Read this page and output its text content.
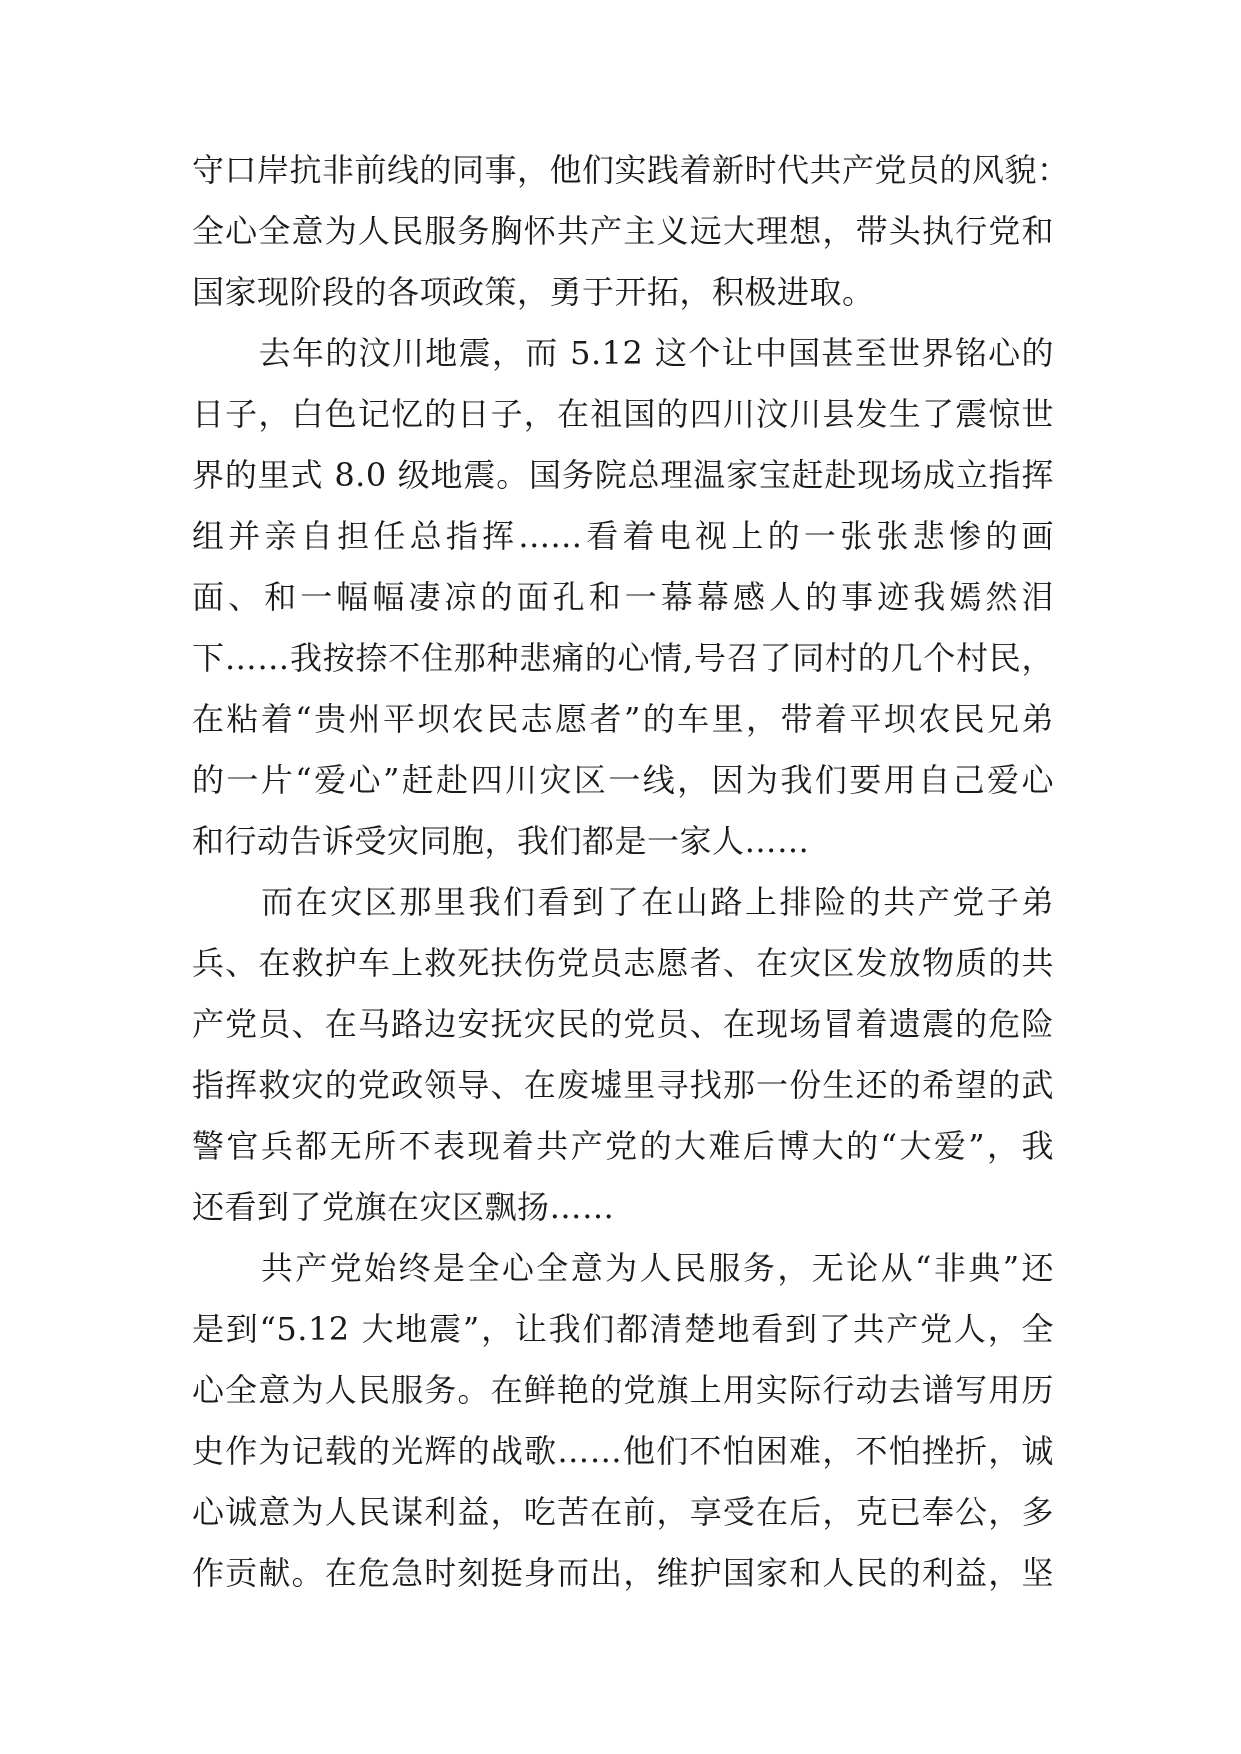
守口岸抗非前线的同事，他们实践着新时代共产党员的风貌：
全心全意为人民服务胸怀共产主义远大理想，带头执行党和
国家现阶段的各项政策，勇于开拓，积极进取。
　　去年的汶川地震，而 5.12 这个让中国甚至世界铭心的
日子，白色记忆的日子，在祖国的四川汶川县发生了震惊世
界的里式 8.0 级地震。国务院总理温家宝赶赴现场成立指挥
组并亲自担任总指挥......看着电视上的一张张悲惨的画
面、和一幅幅凄凉的面孔和一幕幕感人的事迹我嫣然泪
下……我按捺不住那种悲痛的心情,号召了同村的几个村民，
在粘着“贵州平坝农民志愿者”的车里，带着平坝农民兄弟
的一片“爱心”赶赴四川灾区一线，因为我们要用自己爱心
和行动告诉受灾同胞，我们都是一家人……
　　而在灾区那里我们看到了在山路上排险的共产党子弟
兵、在救护车上救死扶伤党员志愿者、在灾区发放物质的共
产党员、在马路边安抚灾民的党员、在现场冒着遗震的危险
指挥救灾的党政领导、在废墟里寻找那一份生还的希望的武
警官兵都无所不表现着共产党的大难后博大的“大爱”，我
还看到了党旗在灾区飘扬……
　　共产党始终是全心全意为人民服务，无论从“非典”还
是到“5.12 大地震”，让我们都清楚地看到了共产党人，全
心全意为人民服务。在鲜艳的党旗上用实际行动去谱写用历
史作为记载的光辉的战歌……他们不怕困难，不怕挫折，诚
心诚意为人民谋利益，吃苦在前，享受在后，克已奉公，多
作贡献。在危急时刻挺身而出，维护国家和人民的利益，坚
